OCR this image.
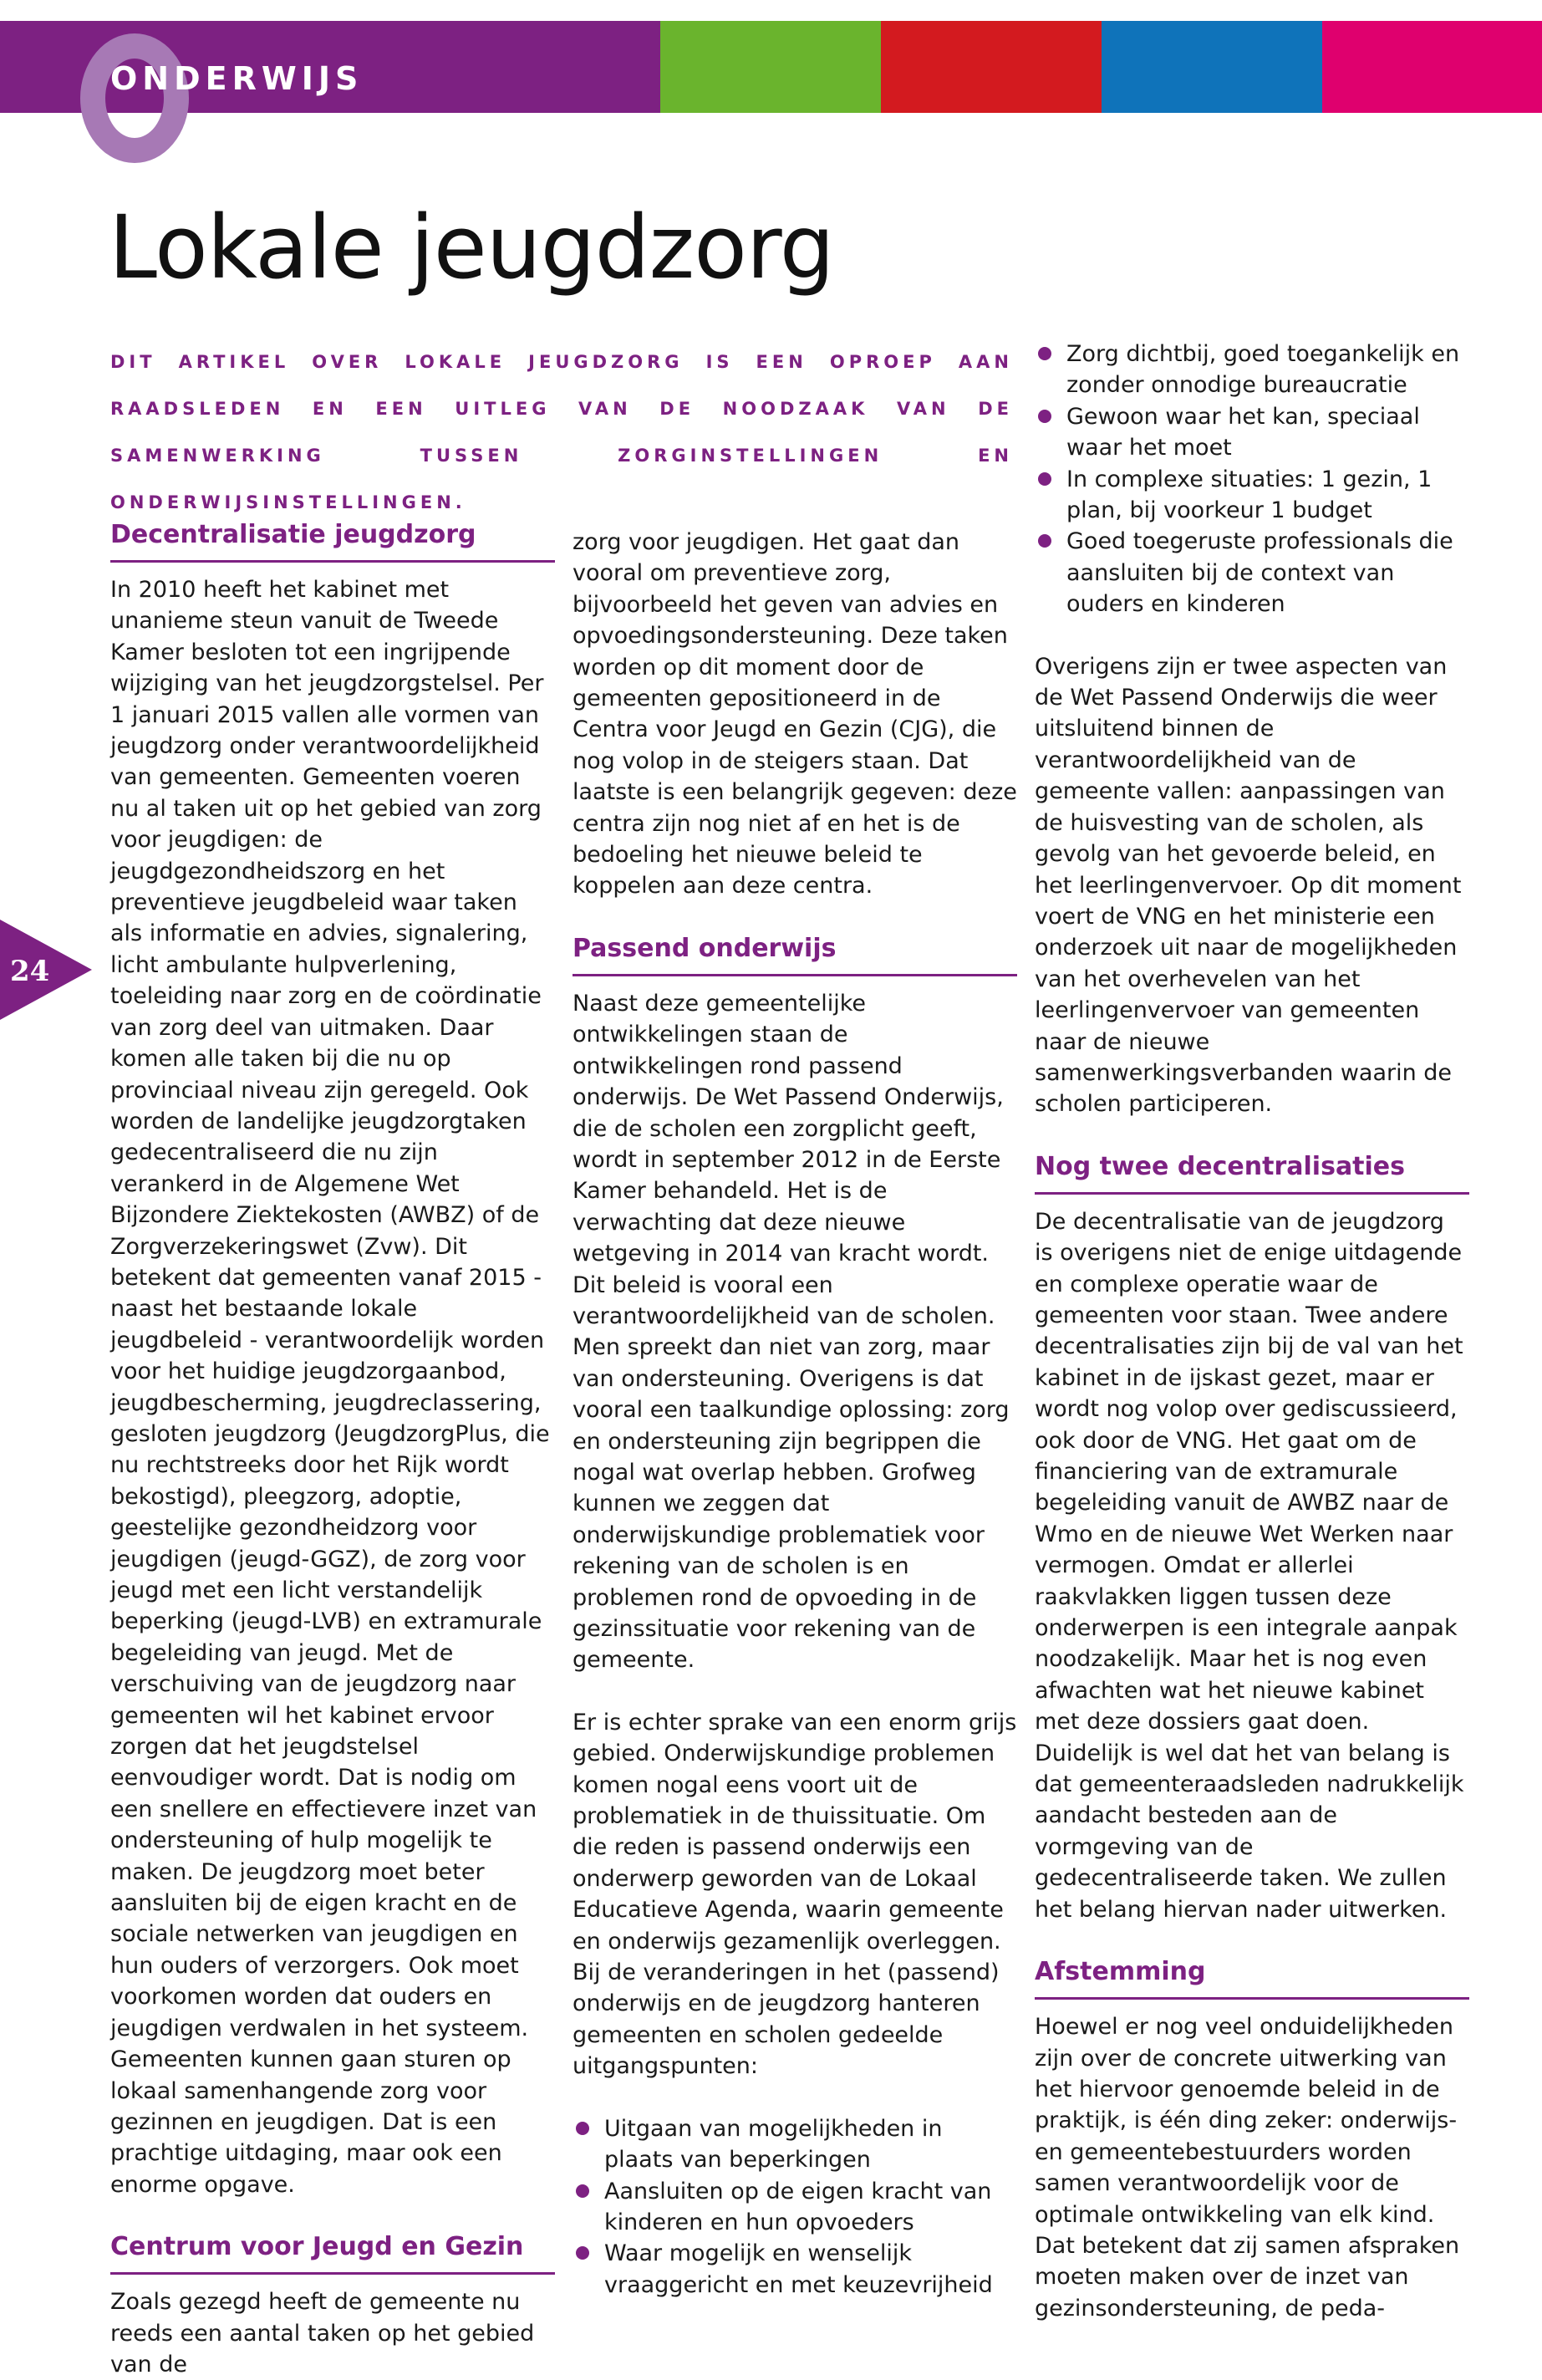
ONDERWIJS
Lokale jeugdzorg

DIT ARTIKEL OVER LOKALE JEUGDZORG IS EEN OPROEP AAN RAADSLEDEN EN EEN UITLEG VAN DE NOODZAAK VAN DE SAMENWERKING TUSSEN ZORGINSTELLINGEN EN ONDERWIJSINSTELLINGEN.

24
Decentralisatie jeugdzorg

In 2010 heeft het kabinet met unanieme steun vanuit de Tweede Kamer besloten tot een ingrijpende wijziging van het jeugdzorgstelsel. Per 1 januari 2015 vallen alle vormen van jeugdzorg onder verantwoordelijkheid van gemeenten. Gemeenten voeren nu al taken uit op het gebied van zorg voor jeugdigen: de jeugdgezondheidszorg en het preventieve jeugdbeleid waar taken als informatie en advies, signalering, licht ambulante hulpverlening, toeleiding naar zorg en de coördinatie van zorg deel van uitmaken. Daar komen alle taken bij die nu op provinciaal niveau zijn geregeld. Ook worden de landelijke jeugdzorgtaken gedecentraliseerd die nu zijn verankerd in de Algemene Wet Bijzondere Ziektekosten (AWBZ) of de Zorgverzekeringswet (Zvw). Dit betekent dat gemeenten vanaf 2015 - naast het bestaande lokale jeugdbeleid - verantwoordelijk worden voor het huidige jeugdzorgaanbod, jeugdbescherming, jeugdreclassering, gesloten jeugdzorg (JeugdzorgPlus, die nu rechtstreeks door het Rijk wordt bekostigd), pleegzorg, adoptie, geestelijke gezondheidzorg voor jeugdigen (jeugd-GGZ), de zorg voor jeugd met een licht verstandelijk beperking (jeugd-LVB) en extramurale begeleiding van jeugd. Met de verschuiving van de jeugdzorg naar gemeenten wil het kabinet ervoor zorgen dat het jeugdstelsel eenvoudiger wordt. Dat is nodig om een snellere en effectievere inzet van ondersteuning of hulp mogelijk te maken. De jeugdzorg moet beter aansluiten bij de eigen kracht en de sociale netwerken van jeugdigen en hun ouders of verzorgers. Ook moet voorkomen worden dat ouders en jeugdigen verdwalen in het systeem. Gemeenten kunnen gaan sturen op lokaal samenhangende zorg voor gezinnen en jeugdigen. Dat is een prachtige uitdaging, maar ook een enorme opgave.

Centrum voor Jeugd en Gezin

Zoals gezegd heeft de gemeente nu reeds een aantal taken op het gebied van de

zorg voor jeugdigen. Het gaat dan vooral om preventieve zorg, bijvoorbeeld het geven van advies en opvoedingsondersteuning. Deze taken worden op dit moment door de gemeenten gepositioneerd in de Centra voor Jeugd en Gezin (CJG), die nog volop in de steigers staan. Dat laatste is een belangrijk gegeven: deze centra zijn nog niet af en het is de bedoeling het nieuwe beleid te koppelen aan deze centra.

Passend onderwijs

Naast deze gemeentelijke ontwikkelingen staan de ontwikkelingen rond passend onderwijs. De Wet Passend Onderwijs, die de scholen een zorgplicht geeft, wordt in september 2012 in de Eerste Kamer behandeld. Het is de verwachting dat deze nieuwe wetgeving in 2014 van kracht wordt. Dit beleid is vooral een verantwoordelijkheid van de scholen. Men spreekt dan niet van zorg, maar van ondersteuning. Overigens is dat vooral een taalkundige oplossing: zorg en ondersteuning zijn begrippen die nogal wat overlap hebben. Grofweg kunnen we zeggen dat onderwijskundige problematiek voor rekening van de scholen is en problemen rond de opvoeding in de gezinssituatie voor rekening van de gemeente.

Er is echter sprake van een enorm grijs gebied. Onderwijskundige problemen komen nogal eens voort uit de problematiek in de thuissituatie. Om die reden is passend onderwijs een onderwerp geworden van de Lokaal Educatieve Agenda, waarin gemeente en onderwijs gezamenlijk overleggen. Bij de veranderingen in het (passend) onderwijs en de jeugdzorg hanteren gemeenten en scholen gedeelde uitgangspunten:

Uitgaan van mogelijkheden in plaats van beperkingen
Aansluiten op de eigen kracht van kinderen en hun opvoeders
Waar mogelijk en wenselijk vraaggericht en met keuzevrijheid
Zorg dichtbij, goed toegankelijk en zonder onnodige bureaucratie
Gewoon waar het kan, speciaal waar het moet
In complexe situaties: 1 gezin, 1 plan, bij voorkeur 1 budget
Goed toegeruste professionals die aansluiten bij de context van ouders en kinderen

Overigens zijn er twee aspecten van de Wet Passend Onderwijs die weer uitsluitend binnen de verantwoordelijkheid van de gemeente vallen: aanpassingen van de huisvesting van de scholen, als gevolg van het gevoerde beleid, en het leerlingenvervoer. Op dit moment voert de VNG en het ministerie een onderzoek uit naar de mogelijkheden van het overhevelen van het leerlingenvervoer van gemeenten naar de nieuwe samenwerkingsverbanden waarin de scholen participeren.

Nog twee decentralisaties

De decentralisatie van de jeugdzorg is overigens niet de enige uitdagende en complexe operatie waar de gemeenten voor staan. Twee andere decentralisaties zijn bij de val van het kabinet in de ijskast gezet, maar er wordt nog volop over gediscussieerd, ook door de VNG. Het gaat om de financiering van de extramurale begeleiding vanuit de AWBZ naar de Wmo en de nieuwe Wet Werken naar vermogen. Omdat er allerlei raakvlakken liggen tussen deze onderwerpen is een integrale aanpak noodzakelijk. Maar het is nog even afwachten wat het nieuwe kabinet met deze dossiers gaat doen. Duidelijk is wel dat het van belang is dat gemeenteraadsleden nadrukkelijk aandacht besteden aan de vormgeving van de gedecentraliseerde taken. We zullen het belang hiervan nader uitwerken.

Afstemming

Hoewel er nog veel onduidelijkheden zijn over de concrete uitwerking van het hiervoor genoemde beleid in de praktijk, is één ding zeker: onderwijs- en gemeentebestuurders worden samen verantwoordelijk voor de optimale ontwikkeling van elk kind. Dat betekent dat zij samen afspraken moeten maken over de inzet van gezinsondersteuning, de peda-
